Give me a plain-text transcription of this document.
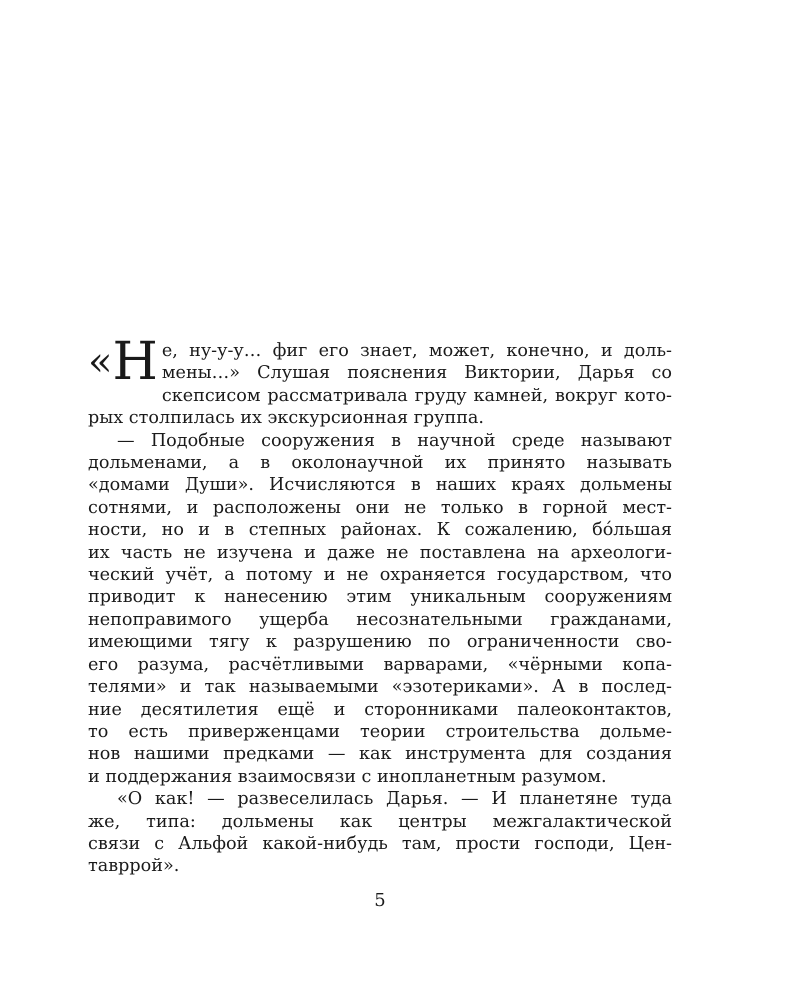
« Н е, ну-у-у… фиг его знает, может, конечно, и доль-
мены…» Слушая пояснения Виктории, Дарья со
скепсисом рассматривала груду камней, вокруг кото-
рых столпилась их экскурсионная группа.

— Подобные сооружения в научной среде называют
дольменами, а в околонаучной их принято называть
«домами Души». Исчисляются в наших краях дольмены
сотнями, и расположены они не только в горной мест-
ности, но и в степных районах. К сожалению, бóльшая
их часть не изучена и даже не поставлена на археологи-
ческий учёт, а потому и не охраняется государством, что
приводит к нанесению этим уникальным сооружениям
непоправимого ущерба несознательными гражданами,
имеющими тягу к разрушению по ограниченности сво-
его разума, расчётливыми варварами, «чёрными копа-
телями» и так называемыми «эзотериками». А в послед-
ние десятилетия ещё и сторонниками палеоконтактов,
то есть приверженцами теории строительства дольме-
нов нашими предками — как инструмента для создания
и поддержания взаимосвязи с инопланетным разумом.

«О как! — развеселилась Дарья. — И планетяне туда
же, типа: дольмены как центры межгалактической
связи с Альфой какой-нибудь там, прости господи, Цен-
тавррой».

5
